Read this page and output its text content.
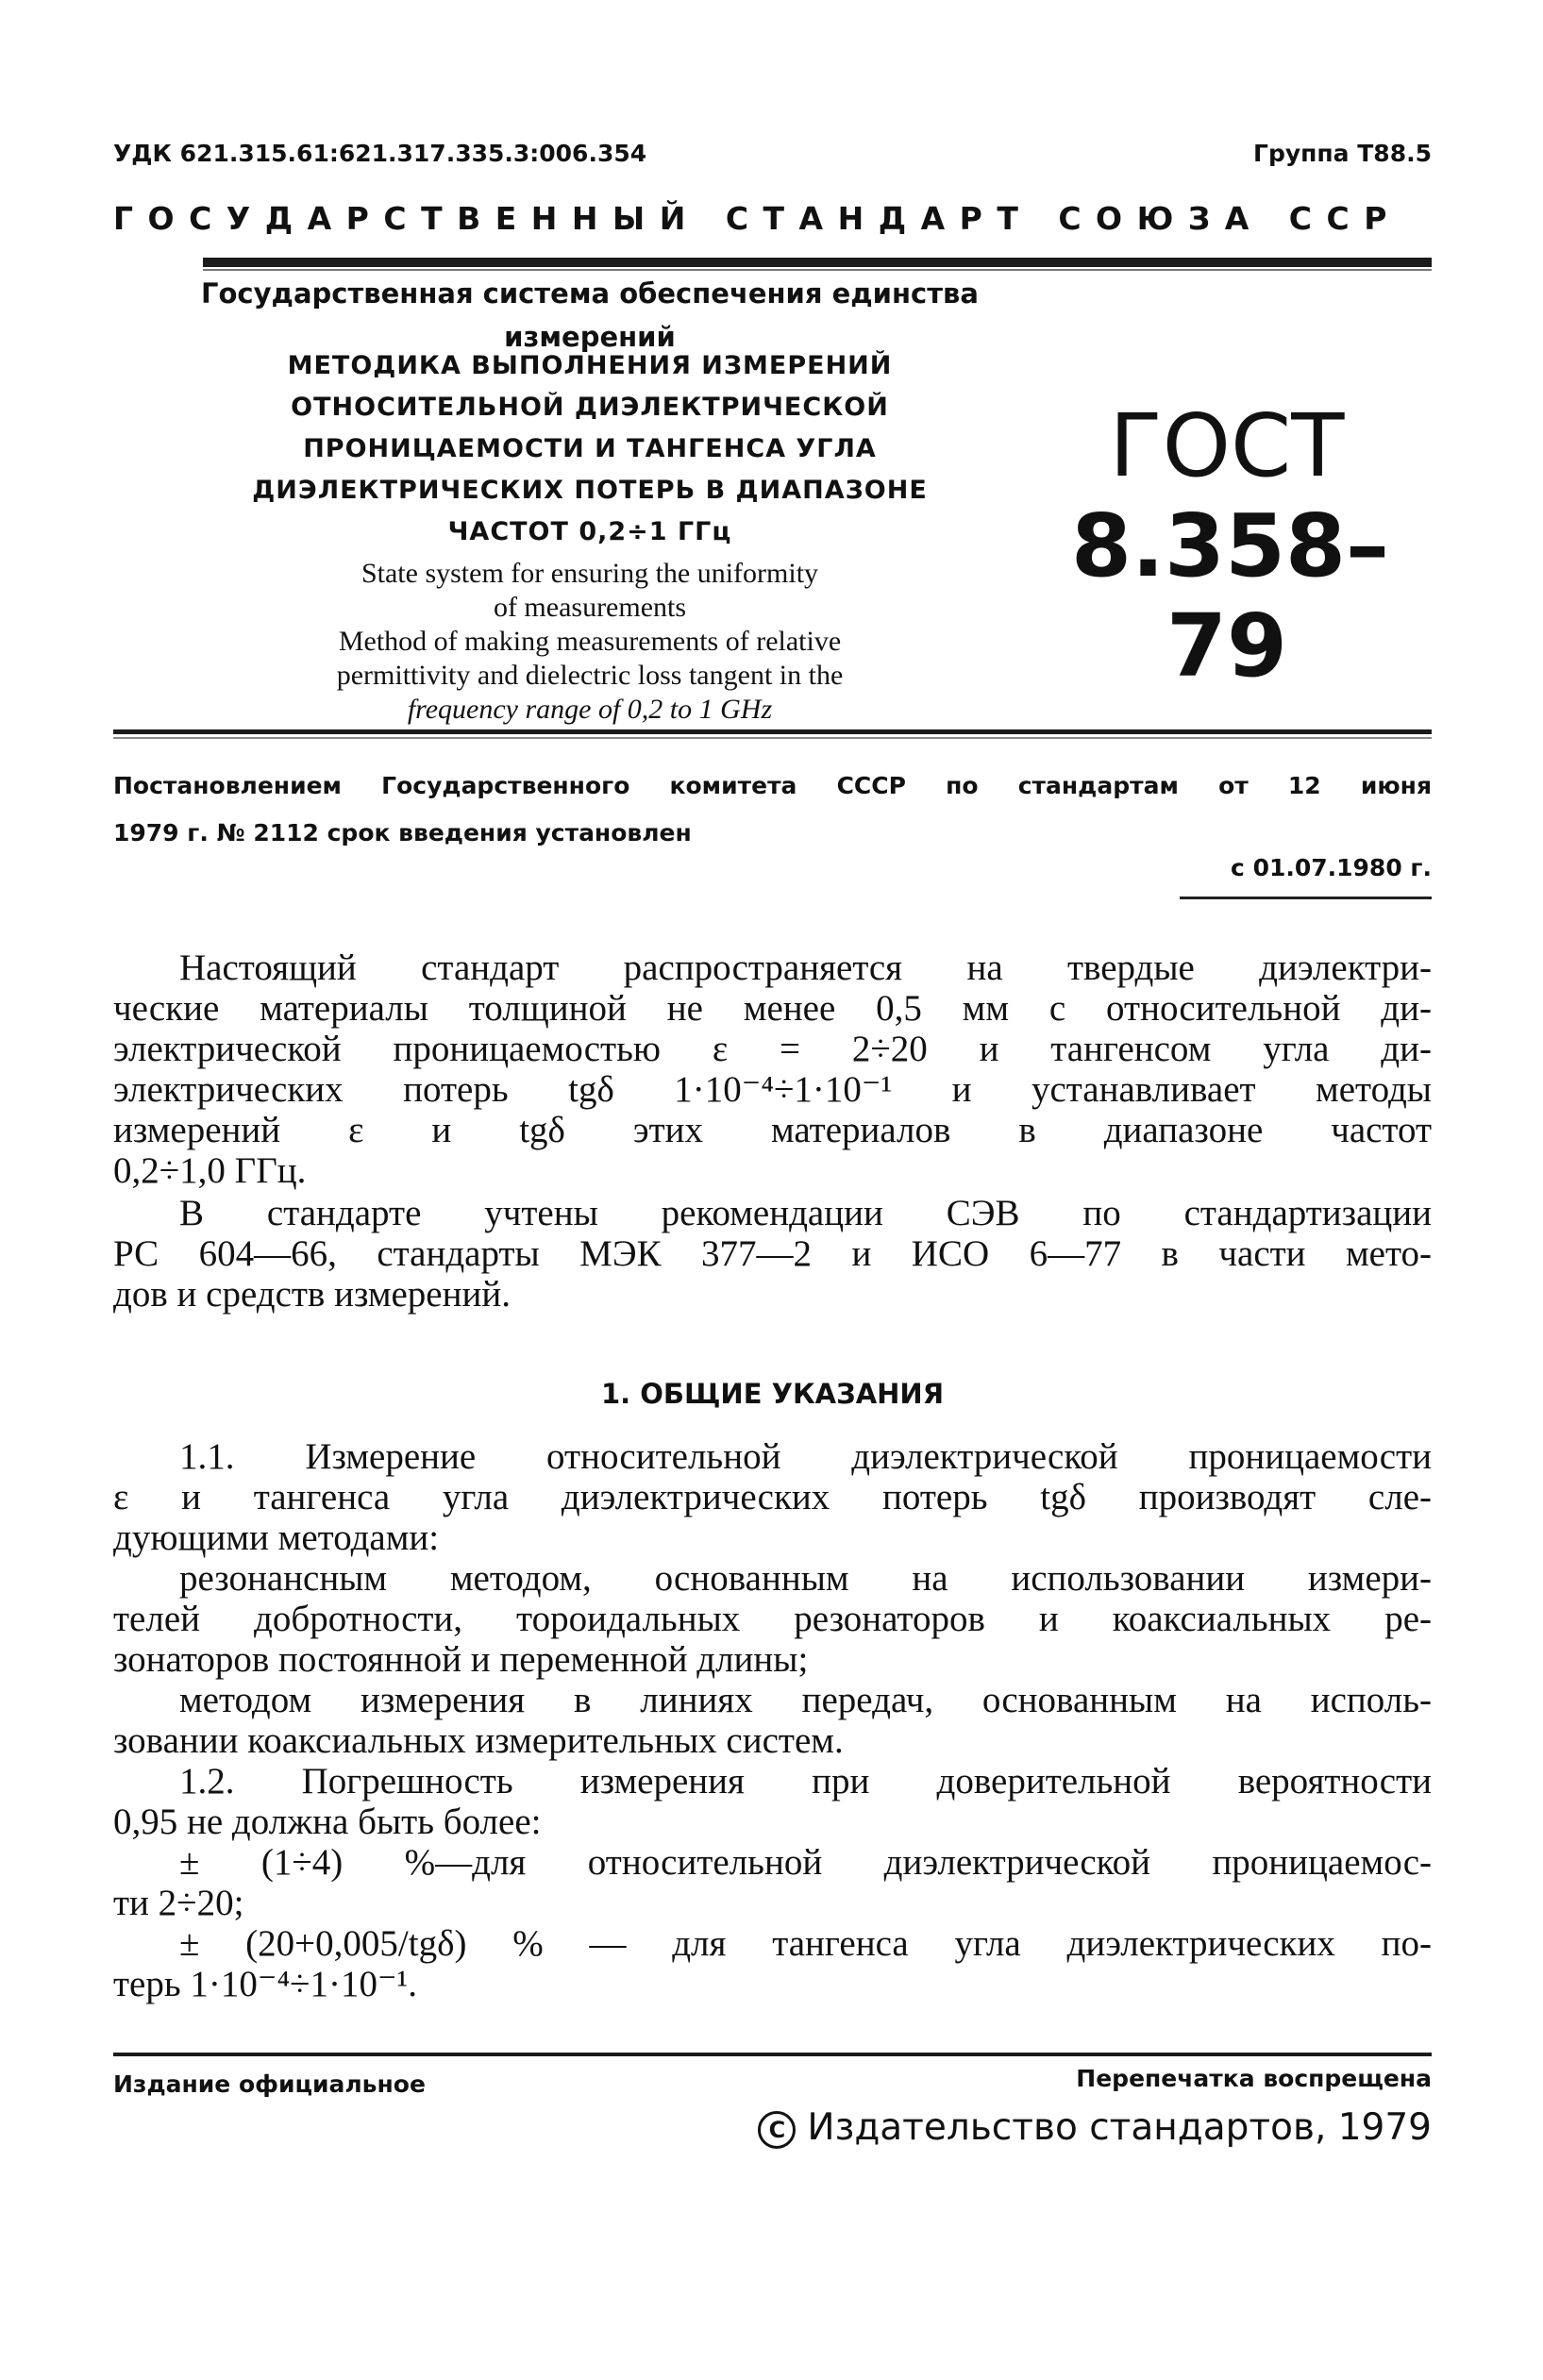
УДК 621.315.61:621.317.335.3:006.354	Группа Т88.5
ГОСУДАРСТВЕННЫЙ СТАНДАРТ СОЮЗА ССР
Государственная система обеспечения единства
измерений
МЕТОДИКА ВЫПОЛНЕНИЯ ИЗМЕРЕНИЙ
ОТНОСИТЕЛЬНОЙ ДИЭЛЕКТРИЧЕСКОЙ
ПРОНИЦАЕМОСТИ И ТАНГЕНСА УГЛА
ДИЭЛЕКТРИЧЕСКИХ ПОТЕРЬ В ДИАПАЗОНЕ
ЧАСТОТ 0,2÷1 ГГц
State system for ensuring the uniformity
of measurements
Method of making measurements of relative
permittivity and dielectric loss tangent in the
frequency range of 0,2 to 1 GHz
ГОСТ
8.358–79
Постановлением Государственного комитета СССР по стандартам от 12 июня
1979 г. № 2112 срок введения установлен
с 01.07.1980 г.
Настоящий стандарт распространяется на твердые диэлектри-
ческие материалы толщиной не менее 0,5 мм с относительной ди-
электрической проницаемостью ε = 2÷20 и тангенсом угла ди-
электрических потерь tgδ 1·10⁻⁴÷1·10⁻¹ и устанавливает методы
измерений ε и tgδ этих материалов в диапазоне частот
0,2÷1,0 ГГц.
В стандарте учтены рекомендации СЭВ по стандартизации
РС 604—66, стандарты МЭК 377—2 и ИСО 6—77 в части мето-
дов и средств измерений.
1. ОБЩИЕ УКАЗАНИЯ
1.1. Измерение относительной диэлектрической проницаемости
ε и тангенса угла диэлектрических потерь tgδ производят сле-
дующими методами:
резонансным методом, основанным на использовании измери-
телей добротности, тороидальных резонаторов и коаксиальных ре-
зонаторов постоянной и переменной длины;
методом измерения в линиях передач, основанным на исполь-
зовании коаксиальных измерительных систем.
1.2. Погрешность измерения при доверительной вероятности
0,95 не должна быть более:
± (1÷4) %—для относительной диэлектрической проницаемос-
ти 2÷20;
± (20+0,005/tgδ) % — для тангенса угла диэлектрических по-
терь 1·10⁻⁴÷1·10⁻¹.
Издание официальное	Перепечатка воспрещена
C Издательство стандартов, 1979
